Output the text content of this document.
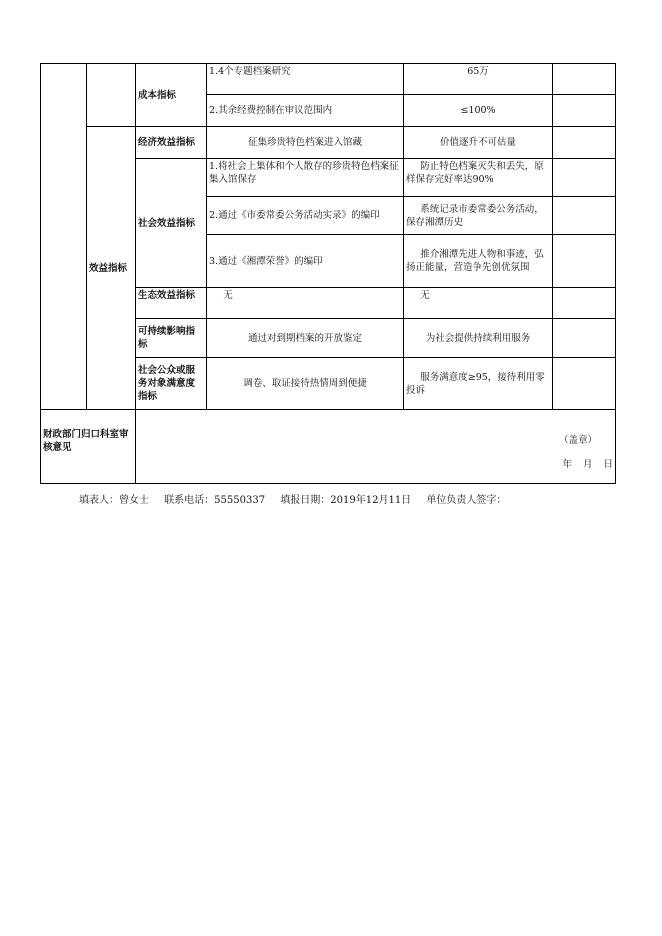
		成本指标	1.4个专题档案研究	65万	
			2.其余经费控制在审议范围内	≤100%	
	效益指标	经济效益指标	征集珍贵特色档案进入馆藏	价值逐升不可估量	
		社会效益指标	1.将社会上集体和个人散存的珍贵特色档案征集入馆保存	防止特色档案灭失和丢失，原样保存完好率达90%	
			2.通过《市委常委公务活动实录》的编印	系统记录市委常委公务活动，保存湘潭历史	
			3.通过《湘潭荣誉》的编印	推介湘潭先进人物和事迹，弘扬正能量，营造争先创优氛围	
		生态效益指标	无	无	
		可持续影响指标	通过对到期档案的开放鉴定	为社会提供持续利用服务	
		社会公众或服务对象满意度指标	调卷、取证接待热情周到便捷	服务满意度≥95，接待利用零投诉	
财政部门归口科室审核意见		（盖章）
年 月 日			
填表人：曾女士 联系电话：55550337 填报日期：2019年12月11日 单位负责人签字：
